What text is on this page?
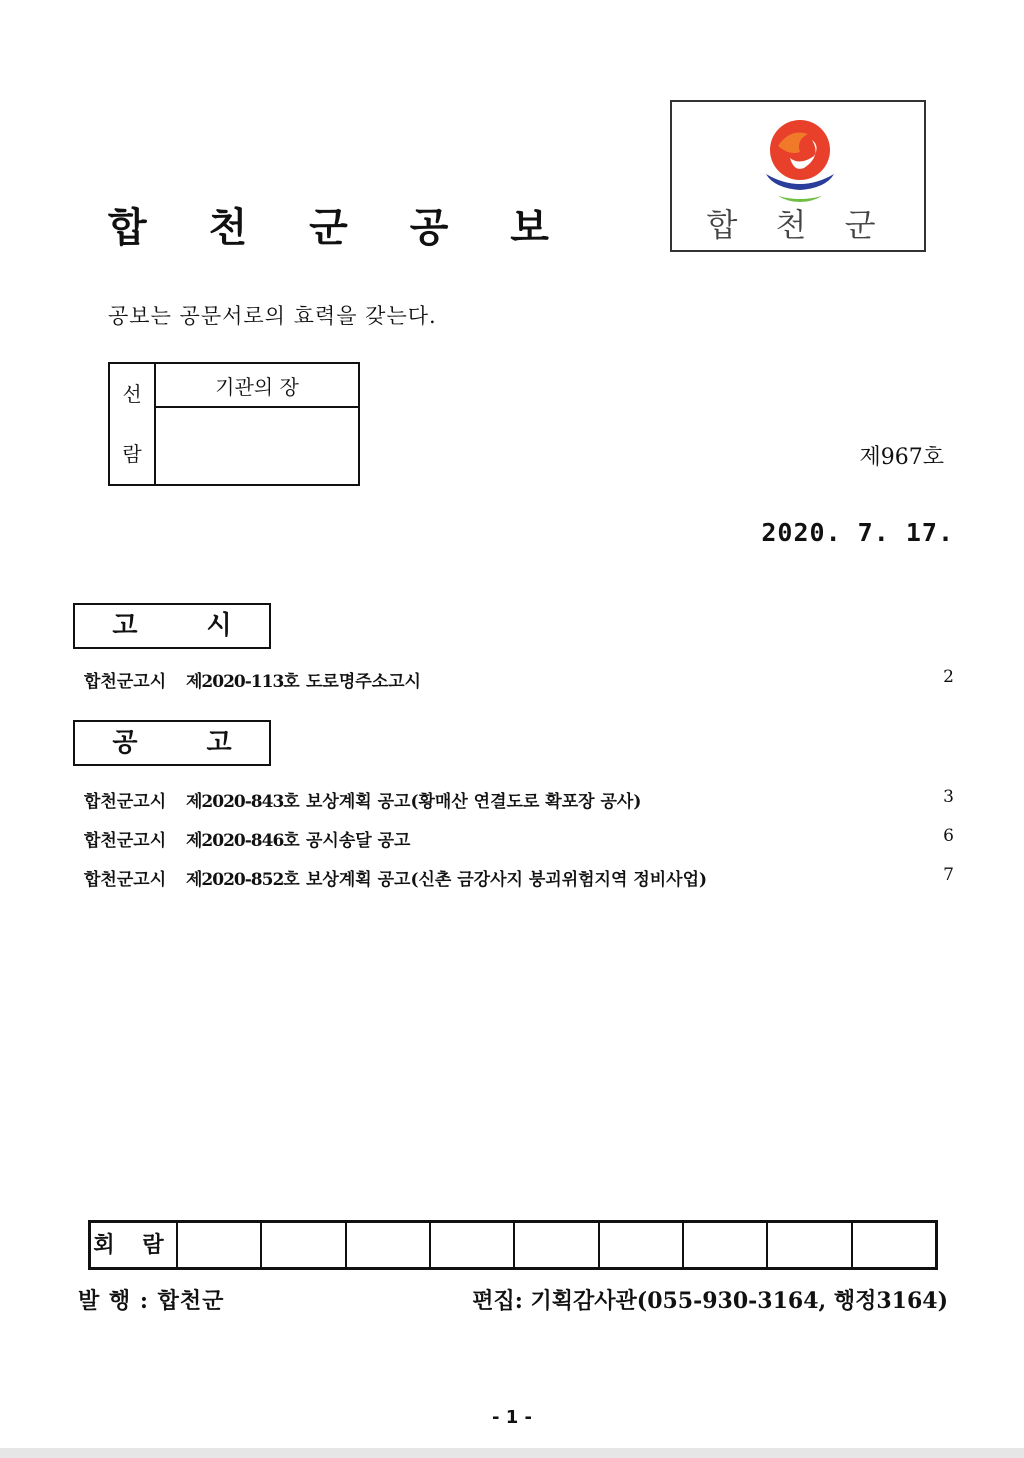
합 천 군 공 보	합 천 군
공보는 공문서로의 효력을 갖는다.
선
람
	기관의 장

제967호
2020. 7. 17.
고 시
합천군고시 제2020-113호 도로명주소고시	2
공 고
합천군고시 제2020-843호 보상계획 공고(황매산 연결도로 확포장 공사)	3
합천군고시 제2020-846호 공시송달 공고	6
합천군고시 제2020-852호 보상계획 공고(신촌 금강사지 붕괴위험지역 정비사업)	7
회 람
발 행 : 합천군	편집: 기획감사관(055-930-3164, 행정3164)
- 1 -
